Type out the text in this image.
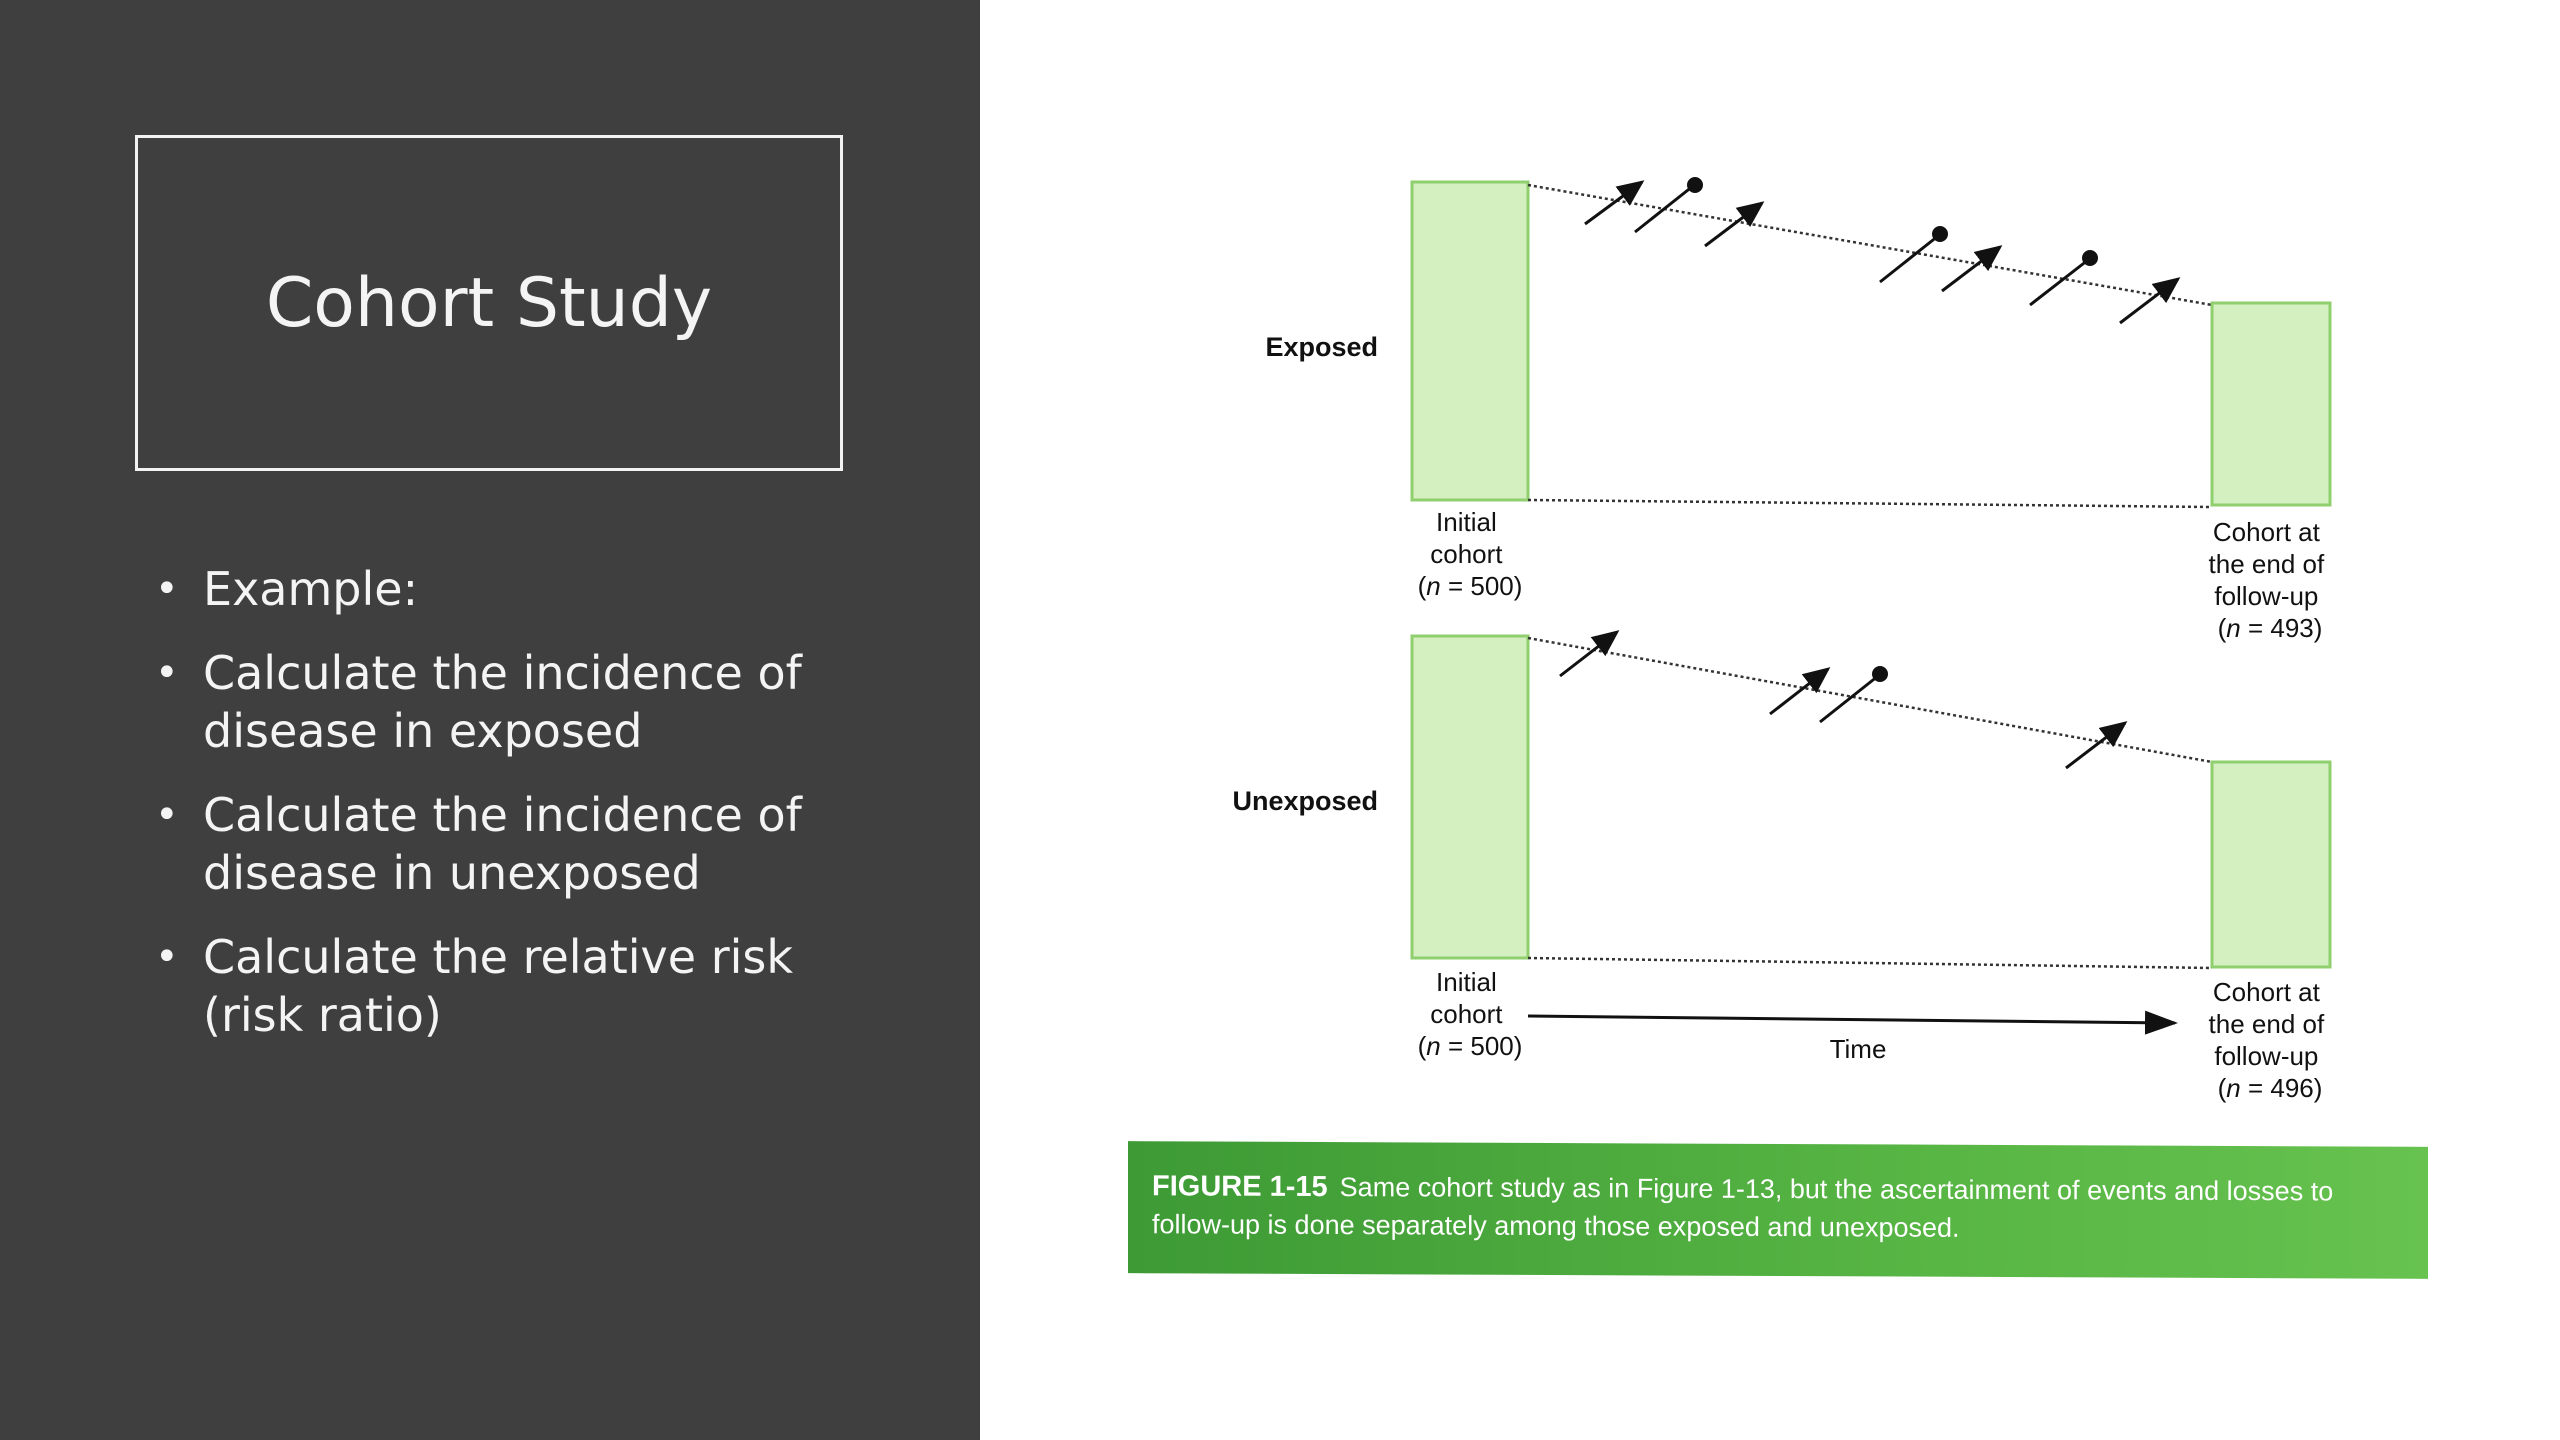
Cohort Study
• Example:
• Calculate the incidence of disease in exposed
• Calculate the incidence of disease in unexposed
• Calculate the relative risk (risk ratio)
Exposed
Initial cohort (n = 500)
Cohort at the end of follow-up (n = 493)
Unexposed
Initial cohort (n = 500)
Cohort at the end of follow-up (n = 496)
Time
FIGURE 1-15 Same cohort study as in Figure 1-13, but the ascertainment of events and losses to follow-up is done separately among those exposed and unexposed.
